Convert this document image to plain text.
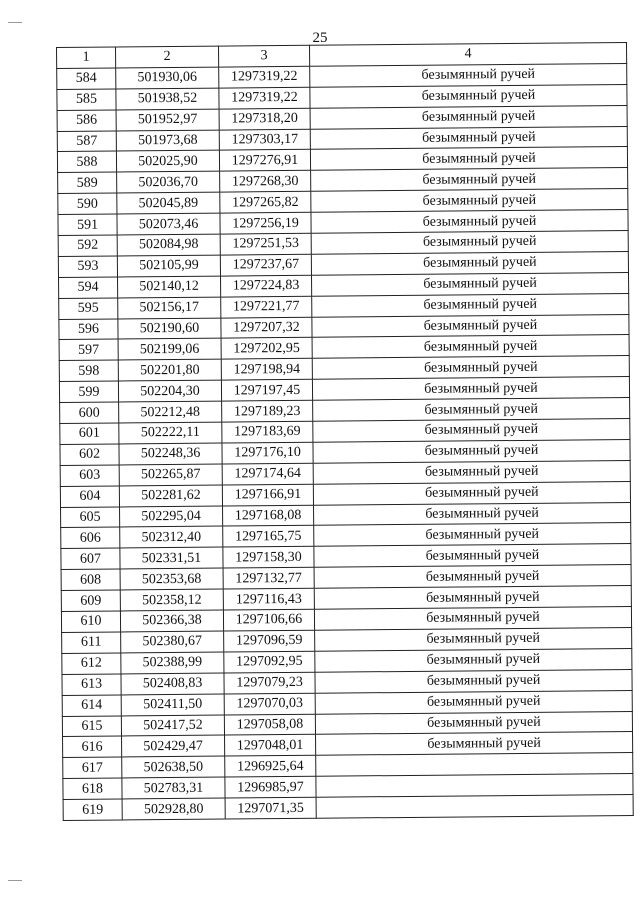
25
1	2	3	4
584	501930,06	1297319,22	безымянный ручей
585	501938,52	1297319,22	безымянный ручей
586	501952,97	1297318,20	безымянный ручей
587	501973,68	1297303,17	безымянный ручей
588	502025,90	1297276,91	безымянный ручей
589	502036,70	1297268,30	безымянный ручей
590	502045,89	1297265,82	безымянный ручей
591	502073,46	1297256,19	безымянный ручей
592	502084,98	1297251,53	безымянный ручей
593	502105,99	1297237,67	безымянный ручей
594	502140,12	1297224,83	безымянный ручей
595	502156,17	1297221,77	безымянный ручей
596	502190,60	1297207,32	безымянный ручей
597	502199,06	1297202,95	безымянный ручей
598	502201,80	1297198,94	безымянный ручей
599	502204,30	1297197,45	безымянный ручей
600	502212,48	1297189,23	безымянный ручей
601	502222,11	1297183,69	безымянный ручей
602	502248,36	1297176,10	безымянный ручей
603	502265,87	1297174,64	безымянный ручей
604	502281,62	1297166,91	безымянный ручей
605	502295,04	1297168,08	безымянный ручей
606	502312,40	1297165,75	безымянный ручей
607	502331,51	1297158,30	безымянный ручей
608	502353,68	1297132,77	безымянный ручей
609	502358,12	1297116,43	безымянный ручей
610	502366,38	1297106,66	безымянный ручей
611	502380,67	1297096,59	безымянный ручей
612	502388,99	1297092,95	безымянный ручей
613	502408,83	1297079,23	безымянный ручей
614	502411,50	1297070,03	безымянный ручей
615	502417,52	1297058,08	безымянный ручей
616	502429,47	1297048,01	безымянный ручей
617	502638,50	1296925,64	
618	502783,31	1296985,97	
619	502928,80	1297071,35	
